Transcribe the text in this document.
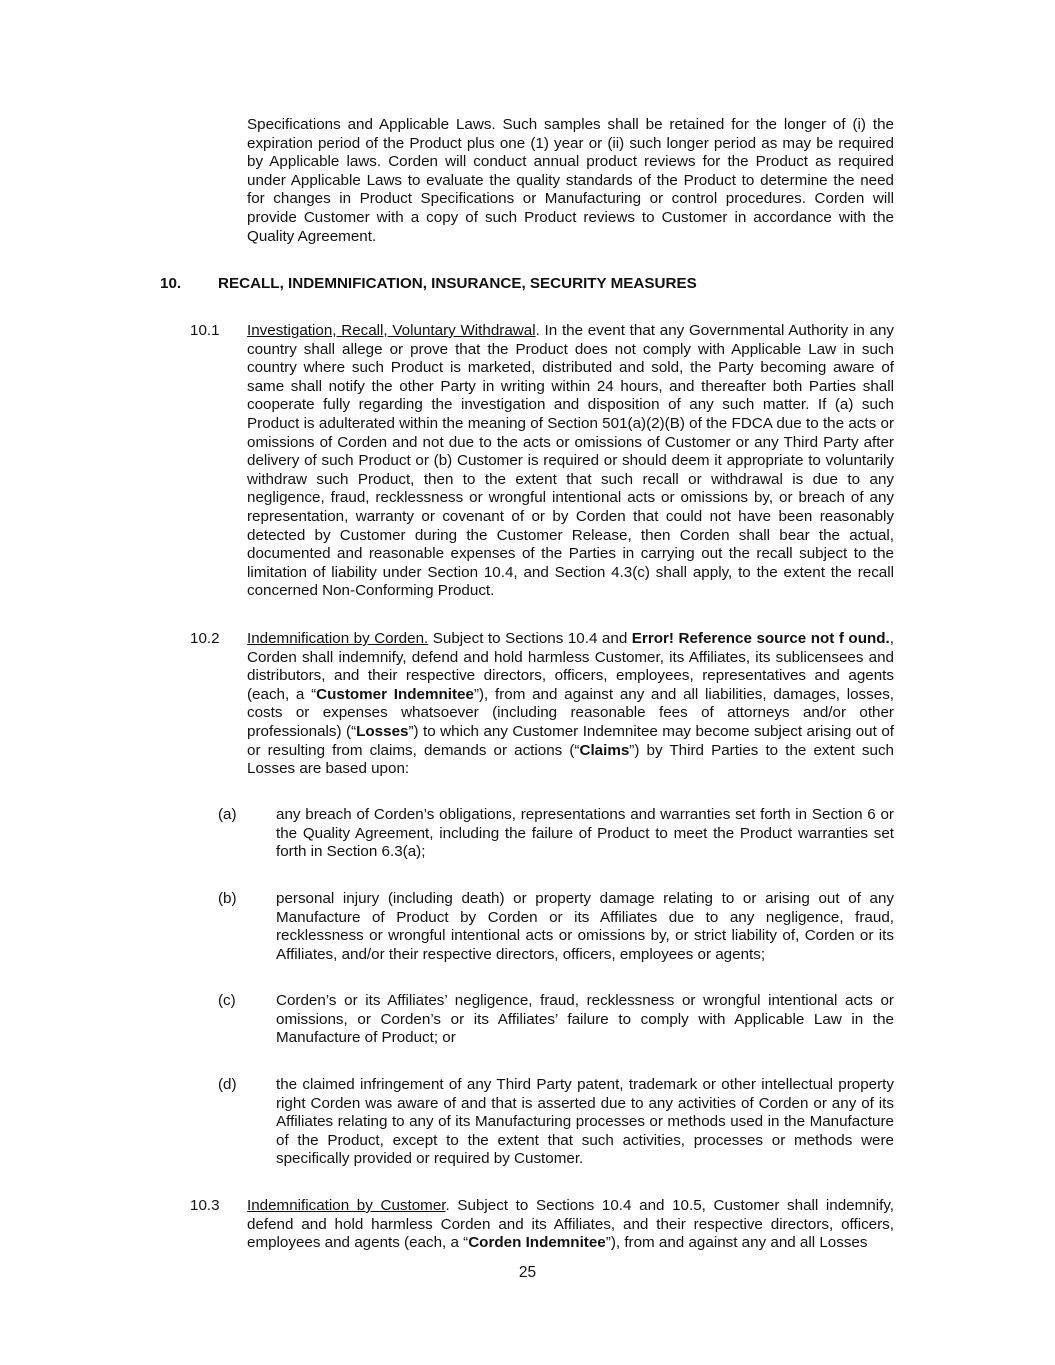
Specifications and Applicable Laws. Such samples shall be retained for the longer of (i) the expiration period of the Product plus one (1) year or (ii) such longer period as may be required by Applicable laws. Corden will conduct annual product reviews for the Product as required under Applicable Laws to evaluate the quality standards of the Product to determine the need for changes in Product Specifications or Manufacturing or control procedures. Corden will provide Customer with a copy of such Product reviews to Customer in accordance with the Quality Agreement.

10. RECALL, INDEMNIFICATION, INSURANCE, SECURITY MEASURES
10.1 Investigation, Recall, Voluntary Withdrawal. In the event that any Governmental Authority in any country shall allege or prove that the Product does not comply with Applicable Law in such country where such Product is marketed, distributed and sold, the Party becoming aware of same shall notify the other Party in writing within 24 hours, and thereafter both Parties shall cooperate fully regarding the investigation and disposition of any such matter. If (a) such Product is adulterated within the meaning of Section 501(a)(2)(B) of the FDCA due to the acts or omissions of Corden and not due to the acts or omissions of Customer or any Third Party after delivery of such Product or (b) Customer is required or should deem it appropriate to voluntarily withdraw such Product, then to the extent that such recall or withdrawal is due to any negligence, fraud, recklessness or wrongful intentional acts or omissions by, or breach of any representation, warranty or covenant of or by Corden that could not have been reasonably detected by Customer during the Customer Release, then Corden shall bear the actual, documented and reasonable expenses of the Parties in carrying out the recall subject to the limitation of liability under Section 10.4, and Section 4.3(c) shall apply, to the extent the recall concerned Non-Conforming Product.

10.2 Indemnification by Corden. Subject to Sections 10.4 and Error! Reference source not f ound., Corden shall indemnify, defend and hold harmless Customer, its Affiliates, its sublicensees and distributors, and their respective directors, officers, employees, representatives and agents (each, a “Customer Indemnitee”), from and against any and all liabilities, damages, losses, costs or expenses whatsoever (including reasonable fees of attorneys and/or other professionals) (“Losses”) to which any Customer Indemnitee may become subject arising out of or resulting from claims, demands or actions (“Claims”) by Third Parties to the extent such Losses are based upon:

(a)	any breach of Corden’s obligations, representations and warranties set forth in Section 6 or the Quality Agreement, including the failure of Product to meet the Product warranties set forth in Section 6.3(a);

(b)	personal injury (including death) or property damage relating to or arising out of any Manufacture of Product by Corden or its Affiliates due to any negligence, fraud, recklessness or wrongful intentional acts or omissions by, or strict liability of, Corden or its Affiliates, and/or their respective directors, officers, employees or agents;

(c)	Corden’s or its Affiliates’ negligence, fraud, recklessness or wrongful intentional acts or omissions, or Corden’s or its Affiliates’ failure to comply with Applicable Law in the Manufacture of Product; or

(d)	the claimed infringement of any Third Party patent, trademark or other intellectual property right Corden was aware of and that is asserted due to any activities of Corden or any of its Affiliates relating to any of its Manufacturing processes or methods used in the Manufacture of the Product, except to the extent that such activities, processes or methods were specifically provided or required by Customer.

10.3 Indemnification by Customer. Subject to Sections 10.4 and 10.5, Customer shall indemnify, defend and hold harmless Corden and its Affiliates, and their respective directors, officers, employees and agents (each, a “Corden Indemnitee”), from and against any and all Losses

25
